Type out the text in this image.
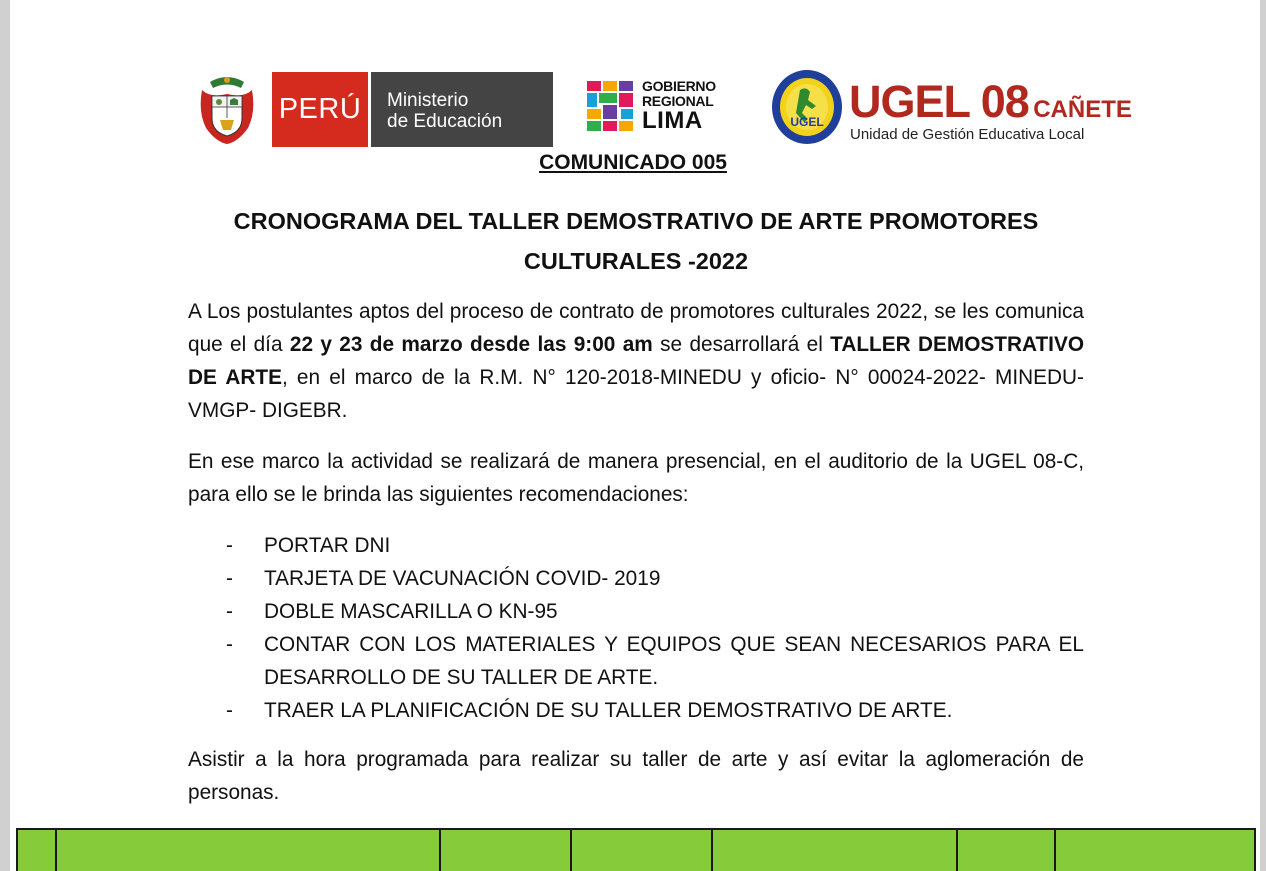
PERÚ Ministerio
de Educación
GOBIERNO
REGIONAL
LIMA	UGEL UGEL 08 CAÑETE
Unidad de Gestión Educativa Local
COMUNICADO 005
CRONOGRAMA DEL TALLER DEMOSTRATIVO DE ARTE PROMOTORES
CULTURALES -2022

A Los postulantes aptos del proceso de contrato de promotores culturales 2022, se les comunica que el día 22 y 23 de marzo desde las 9:00 am se desarrollará el TALLER DEMOSTRATIVO DE ARTE, en el marco de la R.M. N° 120-2018-MINEDU y oficio- N° 00024-2022- MINEDU-VMGP- DIGEBR.

En ese marco la actividad se realizará de manera presencial, en el auditorio de la UGEL 08-C, para ello se le brinda las siguientes recomendaciones:

- PORTAR DNI
- TARJETA DE VACUNACIÓN COVID- 2019
- DOBLE MASCARILLA O KN-95
- CONTAR CON LOS MATERIALES Y EQUIPOS QUE SEAN NECESARIOS PARA EL DESARROLLO DE SU TALLER DE ARTE.
- TRAER LA PLANIFICACIÓN DE SU TALLER DEMOSTRATIVO DE ARTE.

Asistir a la hora programada para realizar su taller de arte y así evitar la aglomeración de personas.
